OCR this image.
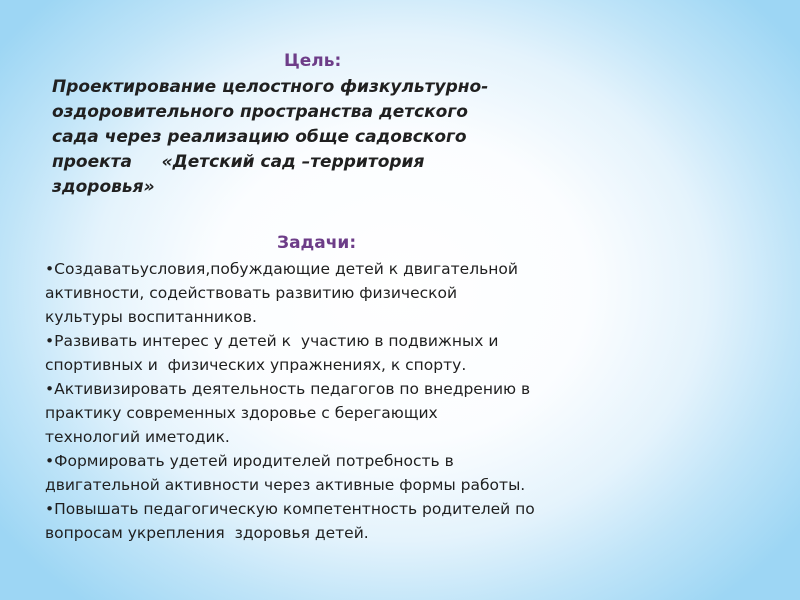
Цель:
Проектирование целостного физкультурно-
оздоровительного пространства детского
сада через реализацию обще садовского
проекта     «Детский сад –территория
здоровья»
Задачи:
•Создаватьусловия,побуждающие детей к двигательной
активности, содействовать развитию физической
культуры воспитанников.
•Развивать интерес у детей к  участию в подвижных и
спортивных и  физических упражнениях, к спорту.
•Активизировать деятельность педагогов по внедрению в
практику современных здоровье с берегающих
технологий иметодик.
•Формировать удетей иродителей потребность в
двигательной активности через активные формы работы.
•Повышать педагогическую компетентность родителей по
вопросам укрепления  здоровья детей.
